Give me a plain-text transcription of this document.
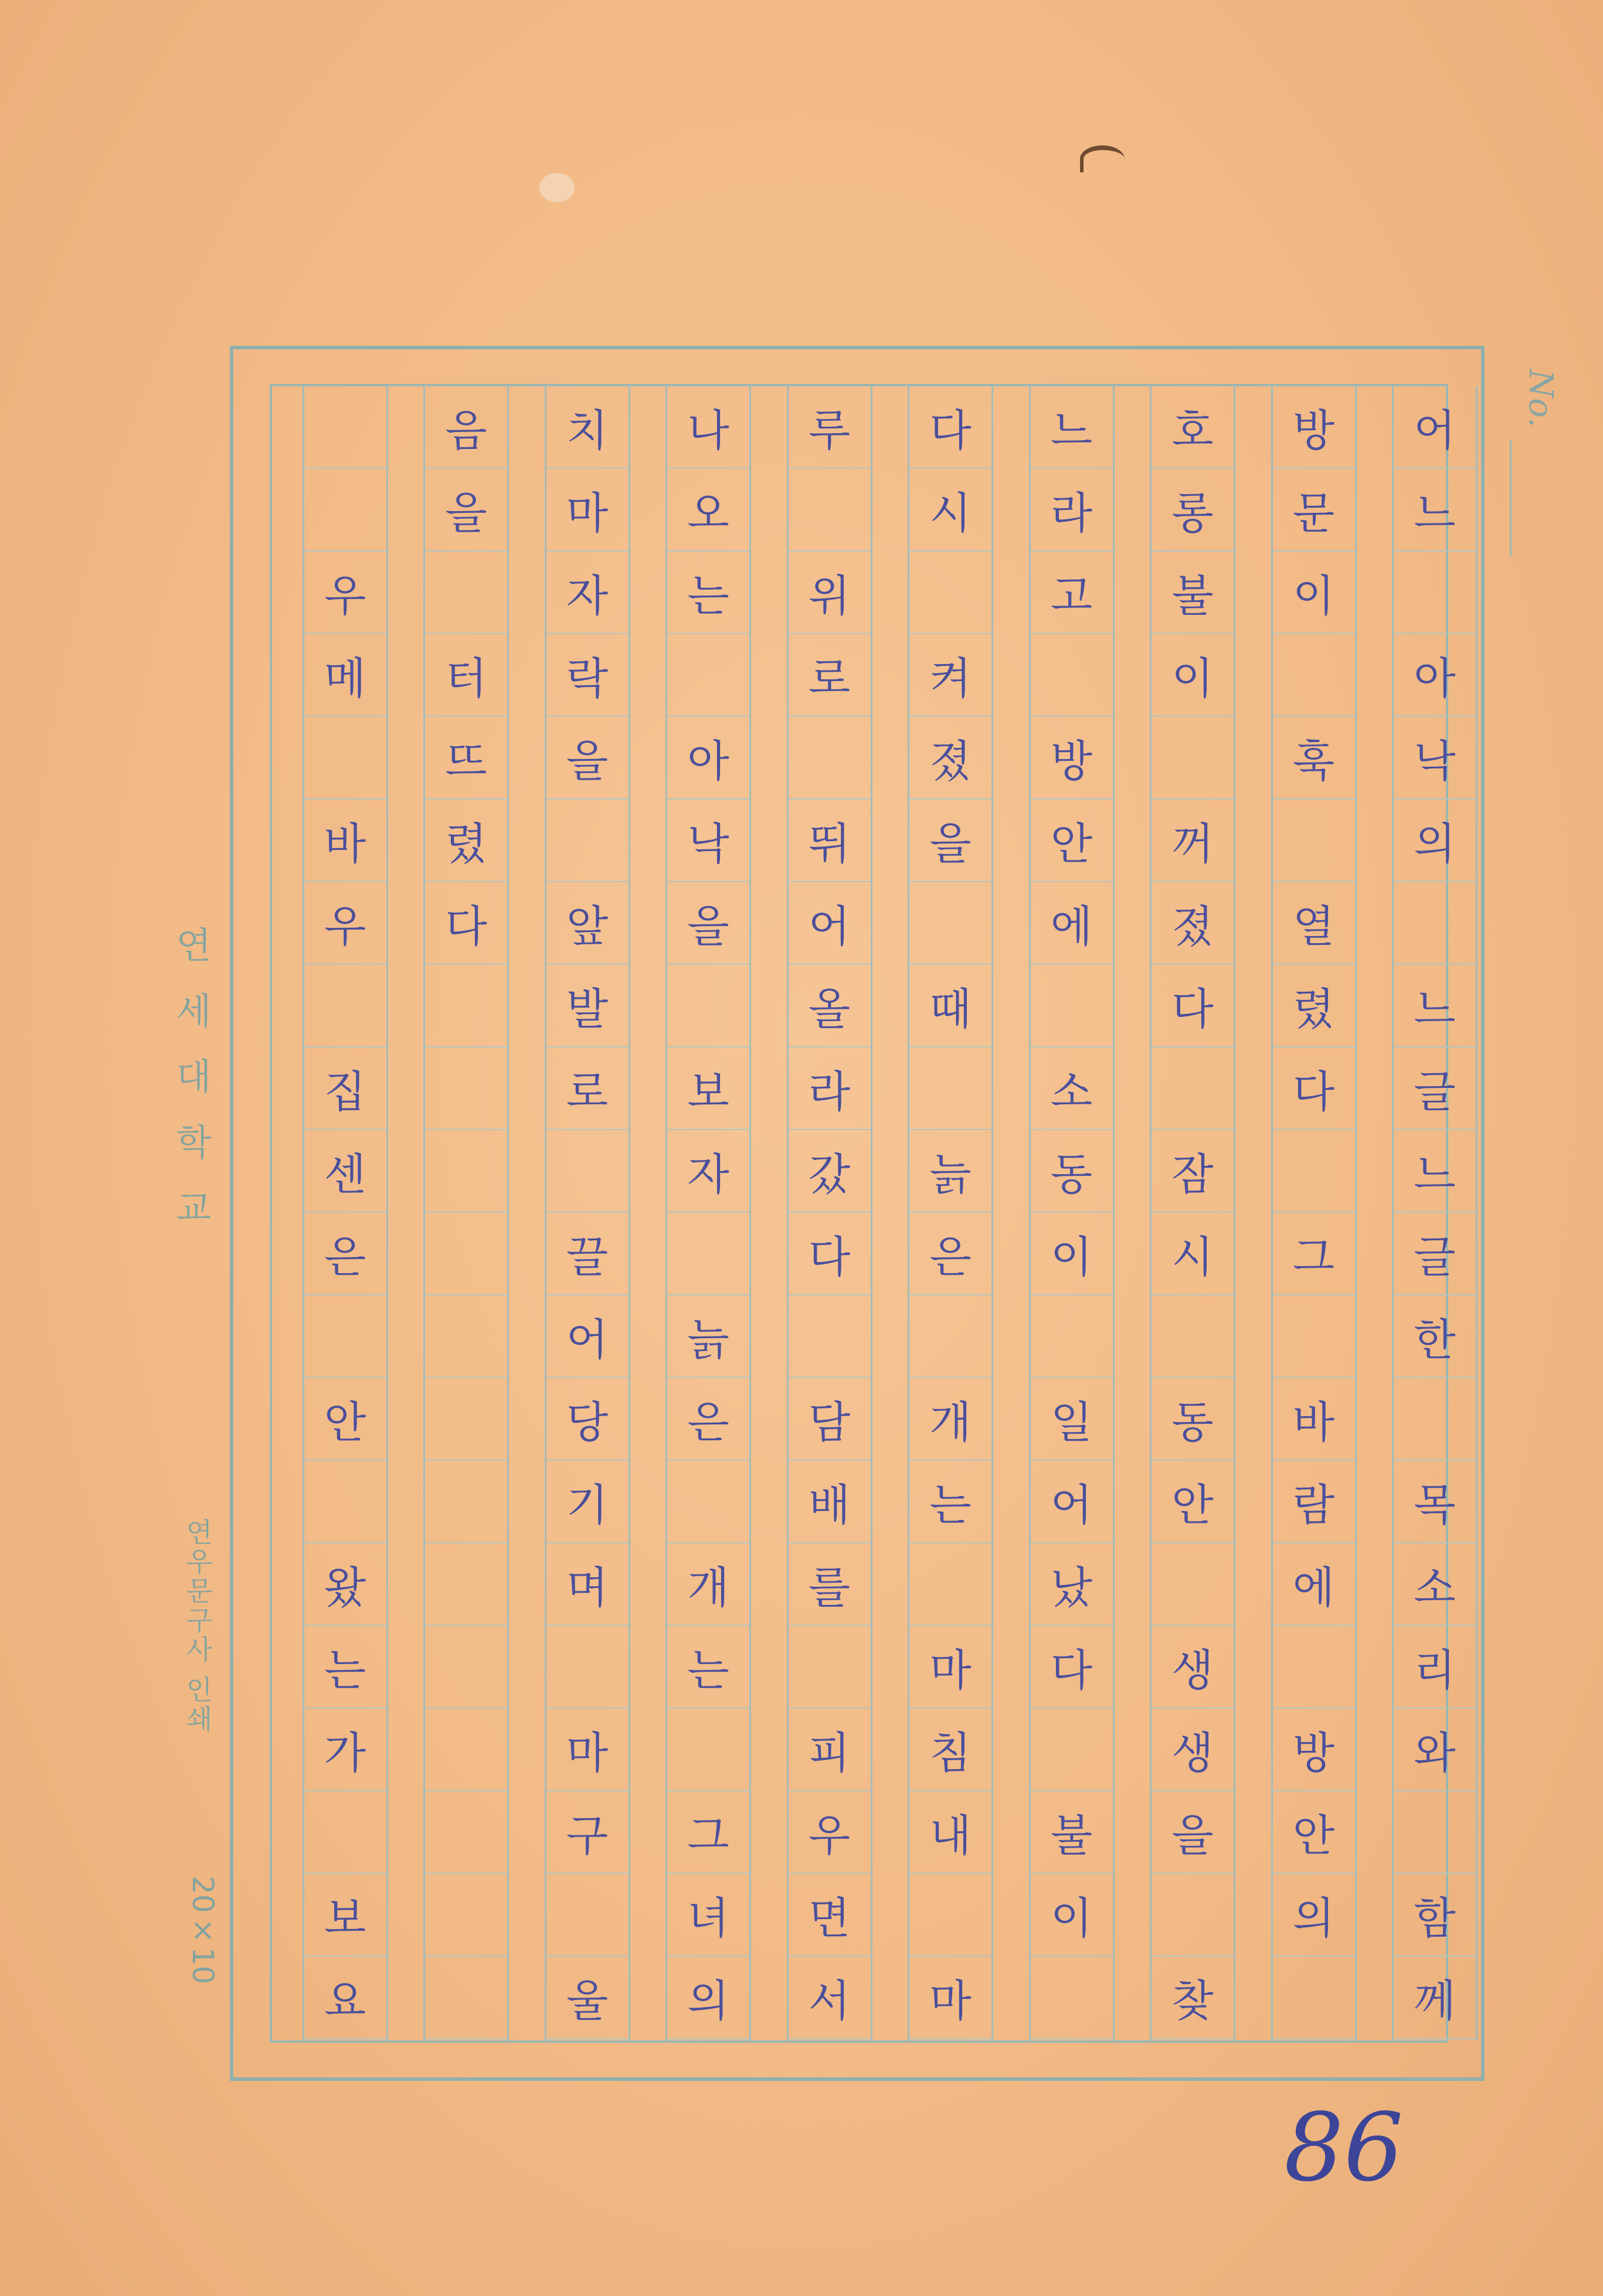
No.
어
느
아
낙
의
느
글
느
글
한
목
소
리
와
함
께
방
문
이
훅
열
렸
다
그
바
람
에
방
안
의
호
롱
불
이
꺼
졌
다
잠
시
동
안
생
생
을
찾
느
라
고
방
안
에
소
동
이
일
어
났
다
불
이
다
시
켜
졌
을
때
늙
은
개
는
마
침
내
마
루
위
로
뛰
어
올
라
갔
다
담
배
를
피
우
면
서
나
오
는
아
낙
을
보
자
늙
은
개
는
그
녀
의
치
마
자
락
을
앞
발
로
끌
어
당
기
며
마
구
울
음
을
터
뜨
렸
다
우
메
바
우
집
센
은
안
왔
는
가
보
요
연세대학교
연우문구사 인쇄
20×10
86
